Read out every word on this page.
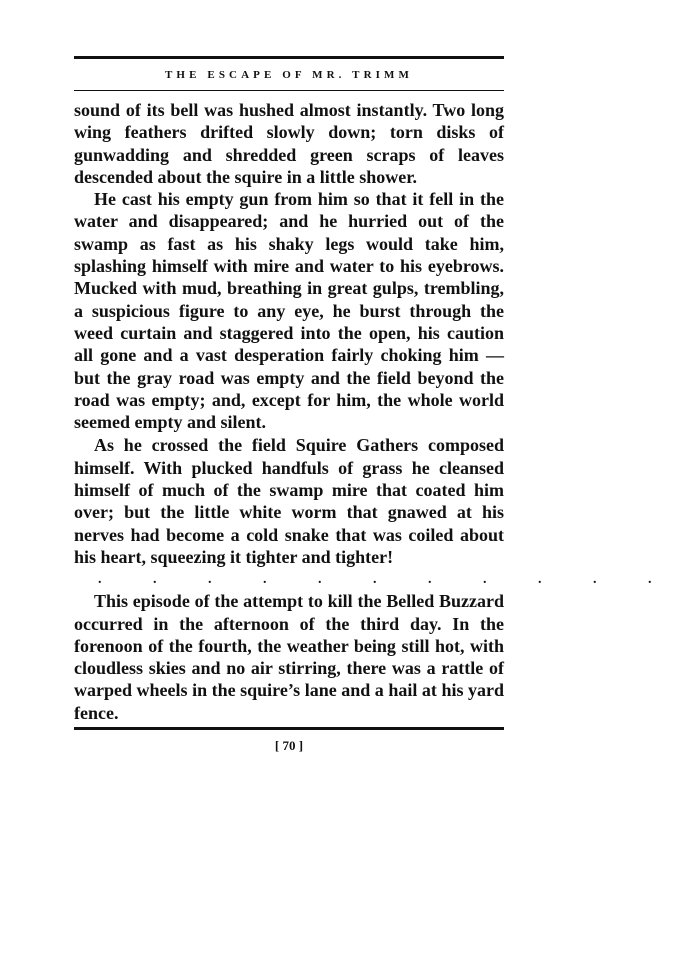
THE ESCAPE OF MR. TRIMM

sound of its bell was hushed almost instantly. Two long wing feathers drifted slowly down; torn disks of gunwadding and shredded green scraps of leaves descended about the squire in a little shower.

He cast his empty gun from him so that it fell in the water and disappeared; and he hurried out of the swamp as fast as his shaky legs would take him, splashing himself with mire and water to his eyebrows. Mucked with mud, breathing in great gulps, trembling, a suspicious figure to any eye, he burst through the weed curtain and staggered into the open, his caution all gone and a vast desperation fairly choking him — but the gray road was empty and the field beyond the road was empty; and, except for him, the whole world seemed empty and silent.

As he crossed the field Squire Gathers composed himself. With plucked handfuls of grass he cleansed himself of much of the swamp mire that coated him over; but the little white worm that gnawed at his nerves had become a cold snake that was coiled about his heart, squeezing it tighter and tighter!

. . . . . . . . . . .

This episode of the attempt to kill the Belled Buzzard occurred in the afternoon of the third day. In the forenoon of the fourth, the weather being still hot, with cloudless skies and no air stirring, there was a rattle of warped wheels in the squire’s lane and a hail at his yard fence.

[ 70 ]
